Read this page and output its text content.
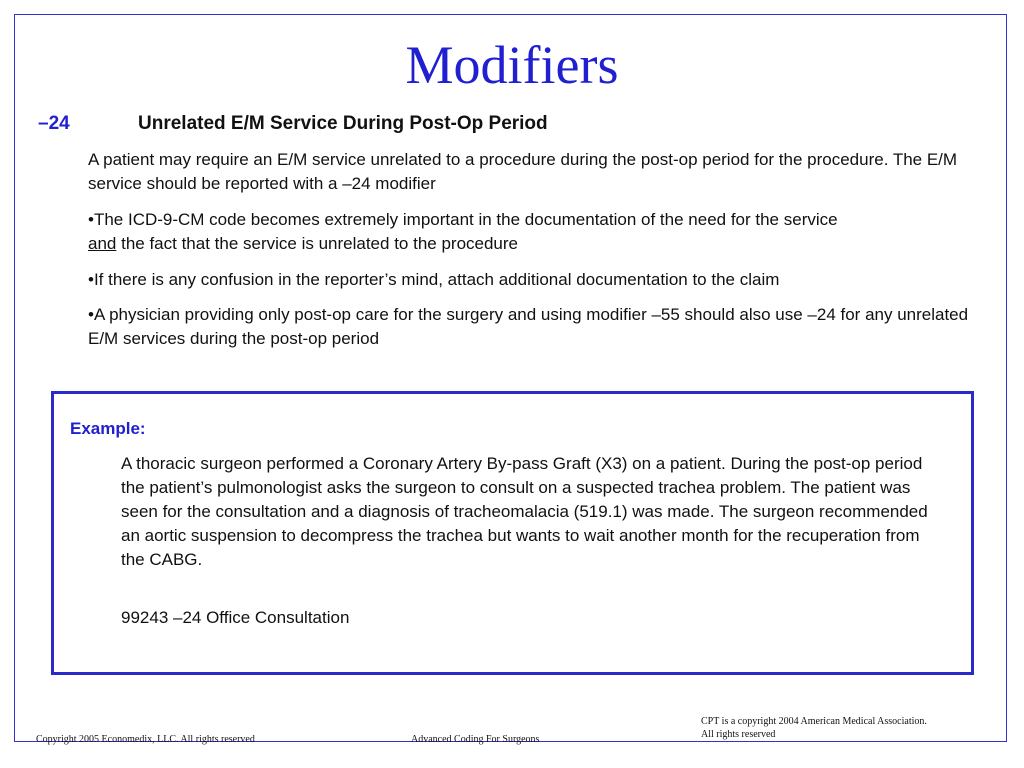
Modifiers
–24	Unrelated E/M Service During Post-Op Period
A patient may require an E/M service unrelated to a procedure during the post-op period for the procedure. The E/M service should be reported with a –24 modifier
•The ICD-9-CM code becomes extremely important in the documentation of the need for the service
and the fact that the service is unrelated to the procedure
•If there is any confusion in the reporter’s mind, attach additional documentation to the claim
•A physician providing only post-op care for the surgery and using modifier –55 should also use –24 for any unrelated E/M services during the post-op period
Example:
A thoracic surgeon performed a Coronary Artery By-pass Graft (X3) on a patient. During the post-op period the patient’s pulmonologist asks the surgeon to consult on a suspected trachea problem. The patient was seen for the consultation and a diagnosis of tracheomalacia (519.1) was made. The surgeon recommended an aortic suspension to decompress the trachea but wants to wait another month for the recuperation from the CABG.
99243 –24 Office Consultation
Copyright 2005 Economedix, LLC. All rights reserved	Advanced Coding For Surgeons
CPT is a copyright 2004 American Medical Association.
All rights reserved
